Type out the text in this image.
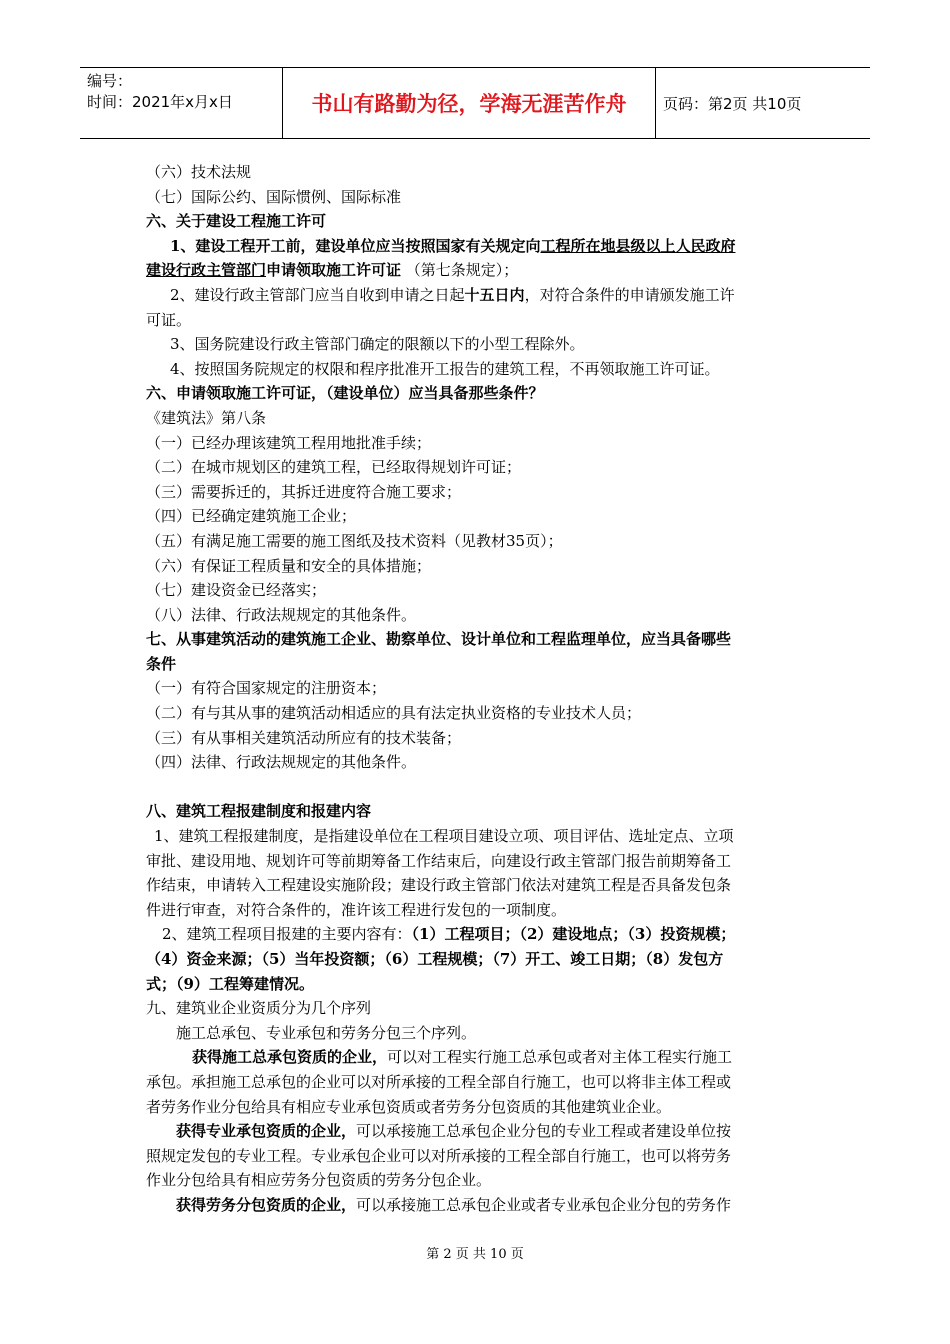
编号：
时间：2021年x月x日	书山有路勤为径，学海无涯苦作舟	页码：第2页 共10页
（六）技术法规
（七）国际公约、国际惯例、国际标准
六、关于建设工程施工许可
1、建设工程开工前，建设单位应当按照国家有关规定向工程所在地县级以上人民政府
建设行政主管部门申请领取施工许可证 （第七条规定）；
2、建设行政主管部门应当自收到申请之日起十五日内，对符合条件的申请颁发施工许
可证。
3、国务院建设行政主管部门确定的限额以下的小型工程除外。
4、按照国务院规定的权限和程序批准开工报告的建筑工程，不再领取施工许可证。
六、申请领取施工许可证，（建设单位）应当具备那些条件？
《建筑法》第八条
（一）已经办理该建筑工程用地批准手续；
（二）在城市规划区的建筑工程，已经取得规划许可证；
（三）需要拆迁的，其拆迁进度符合施工要求；
（四）已经确定建筑施工企业；
（五）有满足施工需要的施工图纸及技术资料（见教材35页）；
（六）有保证工程质量和安全的具体措施；
（七）建设资金已经落实；
（八）法律、行政法规规定的其他条件。
七、从事建筑活动的建筑施工企业、勘察单位、设计单位和工程监理单位，应当具备哪些
条件
（一）有符合国家规定的注册资本；
（二）有与其从事的建筑活动相适应的具有法定执业资格的专业技术人员；
（三）有从事相关建筑活动所应有的技术装备；
（四）法律、行政法规规定的其他条件。
八、建筑工程报建制度和报建内容
1、建筑工程报建制度，是指建设单位在工程项目建设立项、项目评估、选址定点、立项
审批、建设用地、规划许可等前期筹备工作结束后，向建设行政主管部门报告前期筹备工
作结束，申请转入工程建设实施阶段；建设行政主管部门依法对建筑工程是否具备发包条
件进行审查，对符合条件的，准许该工程进行发包的一项制度。
2、建筑工程项目报建的主要内容有：（1）工程项目；（2）建设地点；（3）投资规模；
（4）资金来源；（5）当年投资额；（6）工程规模；（7）开工、竣工日期；（8）发包方
式；（9）工程筹建情况。
九、建筑业企业资质分为几个序列
施工总承包、专业承包和劳务分包三个序列。
获得施工总承包资质的企业，可以对工程实行施工总承包或者对主体工程实行施工
承包。承担施工总承包的企业可以对所承接的工程全部自行施工，也可以将非主体工程或
者劳务作业分包给具有相应专业承包资质或者劳务分包资质的其他建筑业企业。
获得专业承包资质的企业，可以承接施工总承包企业分包的专业工程或者建设单位按
照规定发包的专业工程。专业承包企业可以对所承接的工程全部自行施工，也可以将劳务
作业分包给具有相应劳务分包资质的劳务分包企业。
获得劳务分包资质的企业，可以承接施工总承包企业或者专业承包企业分包的劳务作
第 2 页 共 10 页
